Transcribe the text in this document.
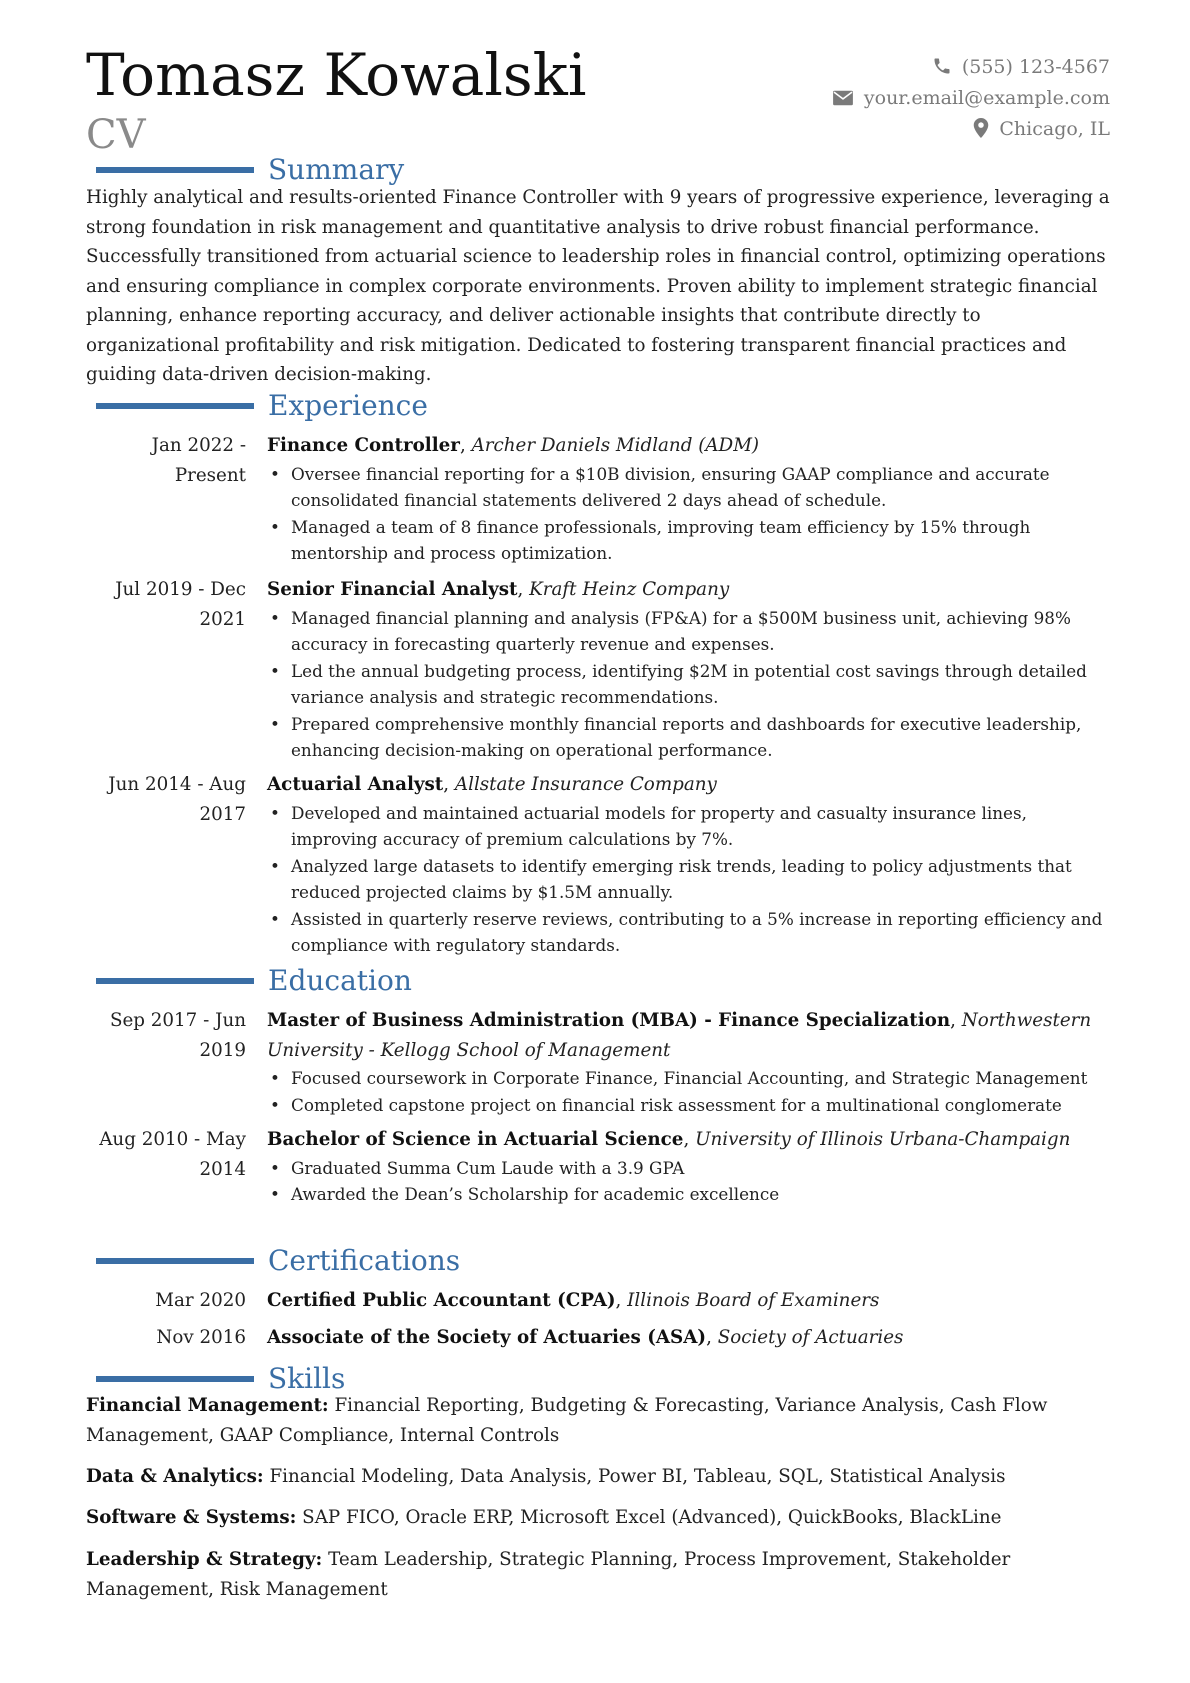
Tomasz Kowalski
CV
(555) 123-4567
your.email@example.com
Chicago, IL
Summary
Highly analytical and results-oriented Finance Controller with 9 years of progressive experience, leveraging a strong foundation in risk management and quantitative analysis to drive robust financial performance. Successfully transitioned from actuarial science to leadership roles in financial control, optimizing operations and ensuring compliance in complex corporate environments. Proven ability to implement strategic financial planning, enhance reporting accuracy, and deliver actionable insights that contribute directly to organizational profitability and risk mitigation. Dedicated to fostering transparent financial practices and guiding data-driven decision-making.
Experience
Jan 2022 - Present
Finance Controller, Archer Daniels Midland (ADM)
• Oversee financial reporting for a $10B division, ensuring GAAP compliance and accurate consolidated financial statements delivered 2 days ahead of schedule.
• Managed a team of 8 finance professionals, improving team efficiency by 15% through mentorship and process optimization.
Jul 2019 - Dec 2021
Senior Financial Analyst, Kraft Heinz Company
• Managed financial planning and analysis (FP&A) for a $500M business unit, achieving 98% accuracy in forecasting quarterly revenue and expenses.
• Led the annual budgeting process, identifying $2M in potential cost savings through detailed variance analysis and strategic recommendations.
• Prepared comprehensive monthly financial reports and dashboards for executive leadership, enhancing decision-making on operational performance.
Jun 2014 - Aug 2017
Actuarial Analyst, Allstate Insurance Company
• Developed and maintained actuarial models for property and casualty insurance lines, improving accuracy of premium calculations by 7%.
• Analyzed large datasets to identify emerging risk trends, leading to policy adjustments that reduced projected claims by $1.5M annually.
• Assisted in quarterly reserve reviews, contributing to a 5% increase in reporting efficiency and compliance with regulatory standards.
Education
Sep 2017 - Jun 2019
Master of Business Administration (MBA) - Finance Specialization, Northwestern University - Kellogg School of Management
• Focused coursework in Corporate Finance, Financial Accounting, and Strategic Management
• Completed capstone project on financial risk assessment for a multinational conglomerate
Aug 2010 - May 2014
Bachelor of Science in Actuarial Science, University of Illinois Urbana-Champaign
• Graduated Summa Cum Laude with a 3.9 GPA
• Awarded the Dean’s Scholarship for academic excellence
Certifications
Mar 2020 Certified Public Accountant (CPA), Illinois Board of Examiners
Nov 2016 Associate of the Society of Actuaries (ASA), Society of Actuaries
Skills
Financial Management: Financial Reporting, Budgeting & Forecasting, Variance Analysis, Cash Flow Management, GAAP Compliance, Internal Controls
Data & Analytics: Financial Modeling, Data Analysis, Power BI, Tableau, SQL, Statistical Analysis
Software & Systems: SAP FICO, Oracle ERP, Microsoft Excel (Advanced), QuickBooks, BlackLine
Leadership & Strategy: Team Leadership, Strategic Planning, Process Improvement, Stakeholder Management, Risk Management
